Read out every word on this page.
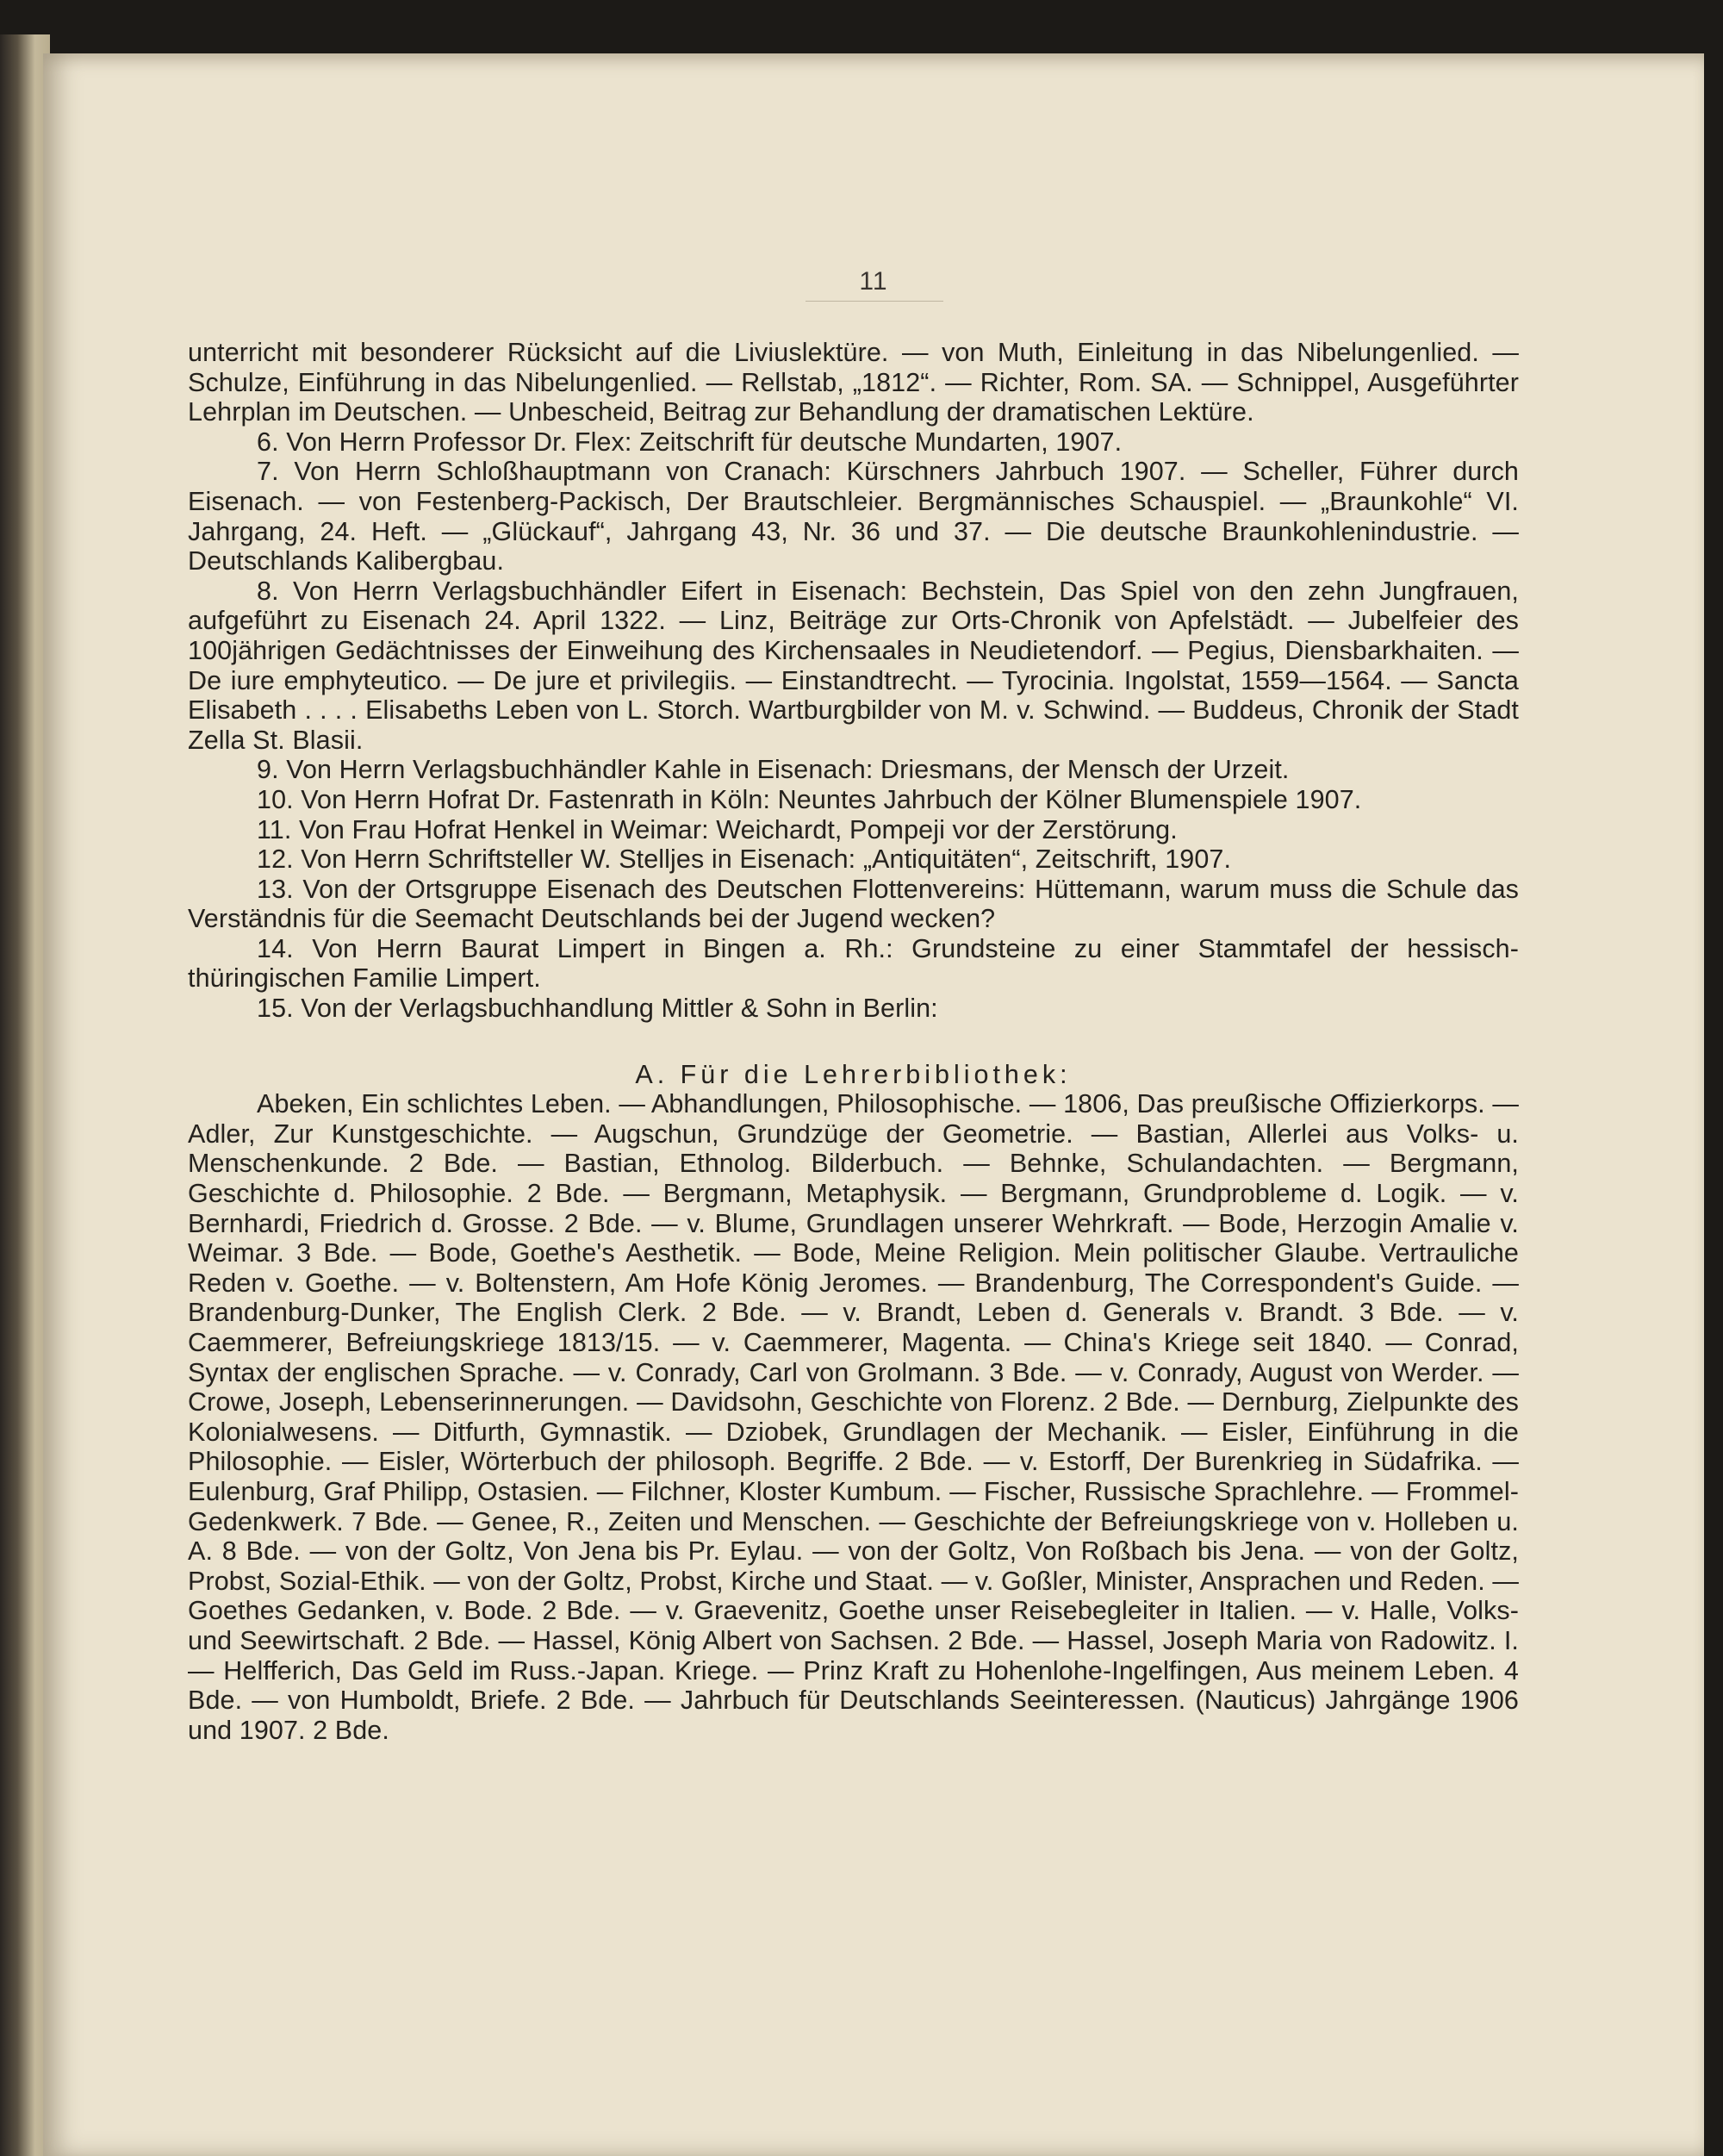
11

unterricht mit besonderer Rücksicht auf die Liviuslektüre. — von Muth, Einleitung in das Nibelungenlied. — Schulze, Einführung in das Nibelungenlied. — Rellstab, „1812“. — Richter, Rom. SA. — Schnippel, Ausgeführter Lehrplan im Deutschen. — Unbescheid, Beitrag zur Behandlung der dramatischen Lektüre.

6. Von Herrn Professor Dr. Flex: Zeitschrift für deutsche Mundarten, 1907.

7. Von Herrn Schloßhauptmann von Cranach: Kürschners Jahrbuch 1907. — Scheller, Führer durch Eisenach. — von Festenberg-Packisch, Der Brautschleier. Bergmännisches Schauspiel. — „Braunkohle“ VI. Jahrgang, 24. Heft. — „Glückauf“, Jahrgang 43, Nr. 36 und 37. — Die deutsche Braunkohlenindustrie. — Deutschlands Kalibergbau.

8. Von Herrn Verlagsbuchhändler Eifert in Eisenach: Bechstein, Das Spiel von den zehn Jungfrauen, aufgeführt zu Eisenach 24. April 1322. — Linz, Beiträge zur Orts-Chronik von Apfelstädt. — Jubelfeier des 100jährigen Gedächtnisses der Einweihung des Kirchensaales in Neudietendorf. — Pegius, Diensbarkhaiten. — De iure emphyteutico. — De jure et privilegiis. — Einstandtrecht. — Tyrocinia. Ingolstat, 1559—1564. — Sancta Elisabeth . . . . Elisabeths Leben von L. Storch. Wartburgbilder von M. v. Schwind. — Buddeus, Chronik der Stadt Zella St. Blasii.

9. Von Herrn Verlagsbuchhändler Kahle in Eisenach: Driesmans, der Mensch der Urzeit.

10. Von Herrn Hofrat Dr. Fastenrath in Köln: Neuntes Jahrbuch der Kölner Blumenspiele 1907.

11. Von Frau Hofrat Henkel in Weimar: Weichardt, Pompeji vor der Zerstörung.

12. Von Herrn Schriftsteller W. Stelljes in Eisenach: „Antiquitäten“, Zeitschrift, 1907.

13. Von der Ortsgruppe Eisenach des Deutschen Flottenvereins: Hüttemann, warum muss die Schule das Verständnis für die Seemacht Deutschlands bei der Jugend wecken?

14. Von Herrn Baurat Limpert in Bingen a. Rh.: Grundsteine zu einer Stammtafel der hessisch-thüringischen Familie Limpert.

15. Von der Verlagsbuchhandlung Mittler & Sohn in Berlin:

A. Für die Lehrerbibliothek:

Abeken, Ein schlichtes Leben. — Abhandlungen, Philosophische. — 1806, Das preußische Offizierkorps. — Adler, Zur Kunstgeschichte. — Augschun, Grundzüge der Geometrie. — Bastian, Allerlei aus Volks- u. Menschenkunde. 2 Bde. — Bastian, Ethnolog. Bilderbuch. — Behnke, Schulandachten. — Bergmann, Geschichte d. Philosophie. 2 Bde. — Bergmann, Metaphysik. — Bergmann, Grundprobleme d. Logik. — v. Bernhardi, Friedrich d. Grosse. 2 Bde. — v. Blume, Grundlagen unserer Wehrkraft. — Bode, Herzogin Amalie v. Weimar. 3 Bde. — Bode, Goethe's Aesthetik. — Bode, Meine Religion. Mein politischer Glaube. Vertrauliche Reden v. Goethe. — v. Boltenstern, Am Hofe König Jeromes. — Brandenburg, The Correspondent's Guide. — Brandenburg-Dunker, The English Clerk. 2 Bde. — v. Brandt, Leben d. Generals v. Brandt. 3 Bde. — v. Caemmerer, Befreiungskriege 1813/15. — v. Caemmerer, Magenta. — China's Kriege seit 1840. — Conrad, Syntax der englischen Sprache. — v. Conrady, Carl von Grolmann. 3 Bde. — v. Conrady, August von Werder. — Crowe, Joseph, Lebenserinnerungen. — Davidsohn, Geschichte von Florenz. 2 Bde. — Dernburg, Zielpunkte des Kolonialwesens. — Ditfurth, Gymnastik. — Dziobek, Grundlagen der Mechanik. — Eisler, Einführung in die Philosophie. — Eisler, Wörterbuch der philosoph. Begriffe. 2 Bde. — v. Estorff, Der Burenkrieg in Südafrika. — Eulenburg, Graf Philipp, Ostasien. — Filchner, Kloster Kumbum. — Fischer, Russische Sprachlehre. — Frommel-Gedenkwerk. 7 Bde. — Genee, R., Zeiten und Menschen. — Geschichte der Befreiungskriege von v. Holleben u. A. 8 Bde. — von der Goltz, Von Jena bis Pr. Eylau. — von der Goltz, Von Roßbach bis Jena. — von der Goltz, Probst, Sozial-Ethik. — von der Goltz, Probst, Kirche und Staat. — v. Goßler, Minister, Ansprachen und Reden. — Goethes Gedanken, v. Bode. 2 Bde. — v. Graevenitz, Goethe unser Reisebegleiter in Italien. — v. Halle, Volks- und Seewirtschaft. 2 Bde. — Hassel, König Albert von Sachsen. 2 Bde. — Hassel, Joseph Maria von Radowitz. I. — Helfferich, Das Geld im Russ.-Japan. Kriege. — Prinz Kraft zu Hohenlohe-Ingelfingen, Aus meinem Leben. 4 Bde. — von Humboldt, Briefe. 2 Bde. — Jahrbuch für Deutschlands Seeinteressen. (Nauticus) Jahrgänge 1906 und 1907. 2 Bde.
